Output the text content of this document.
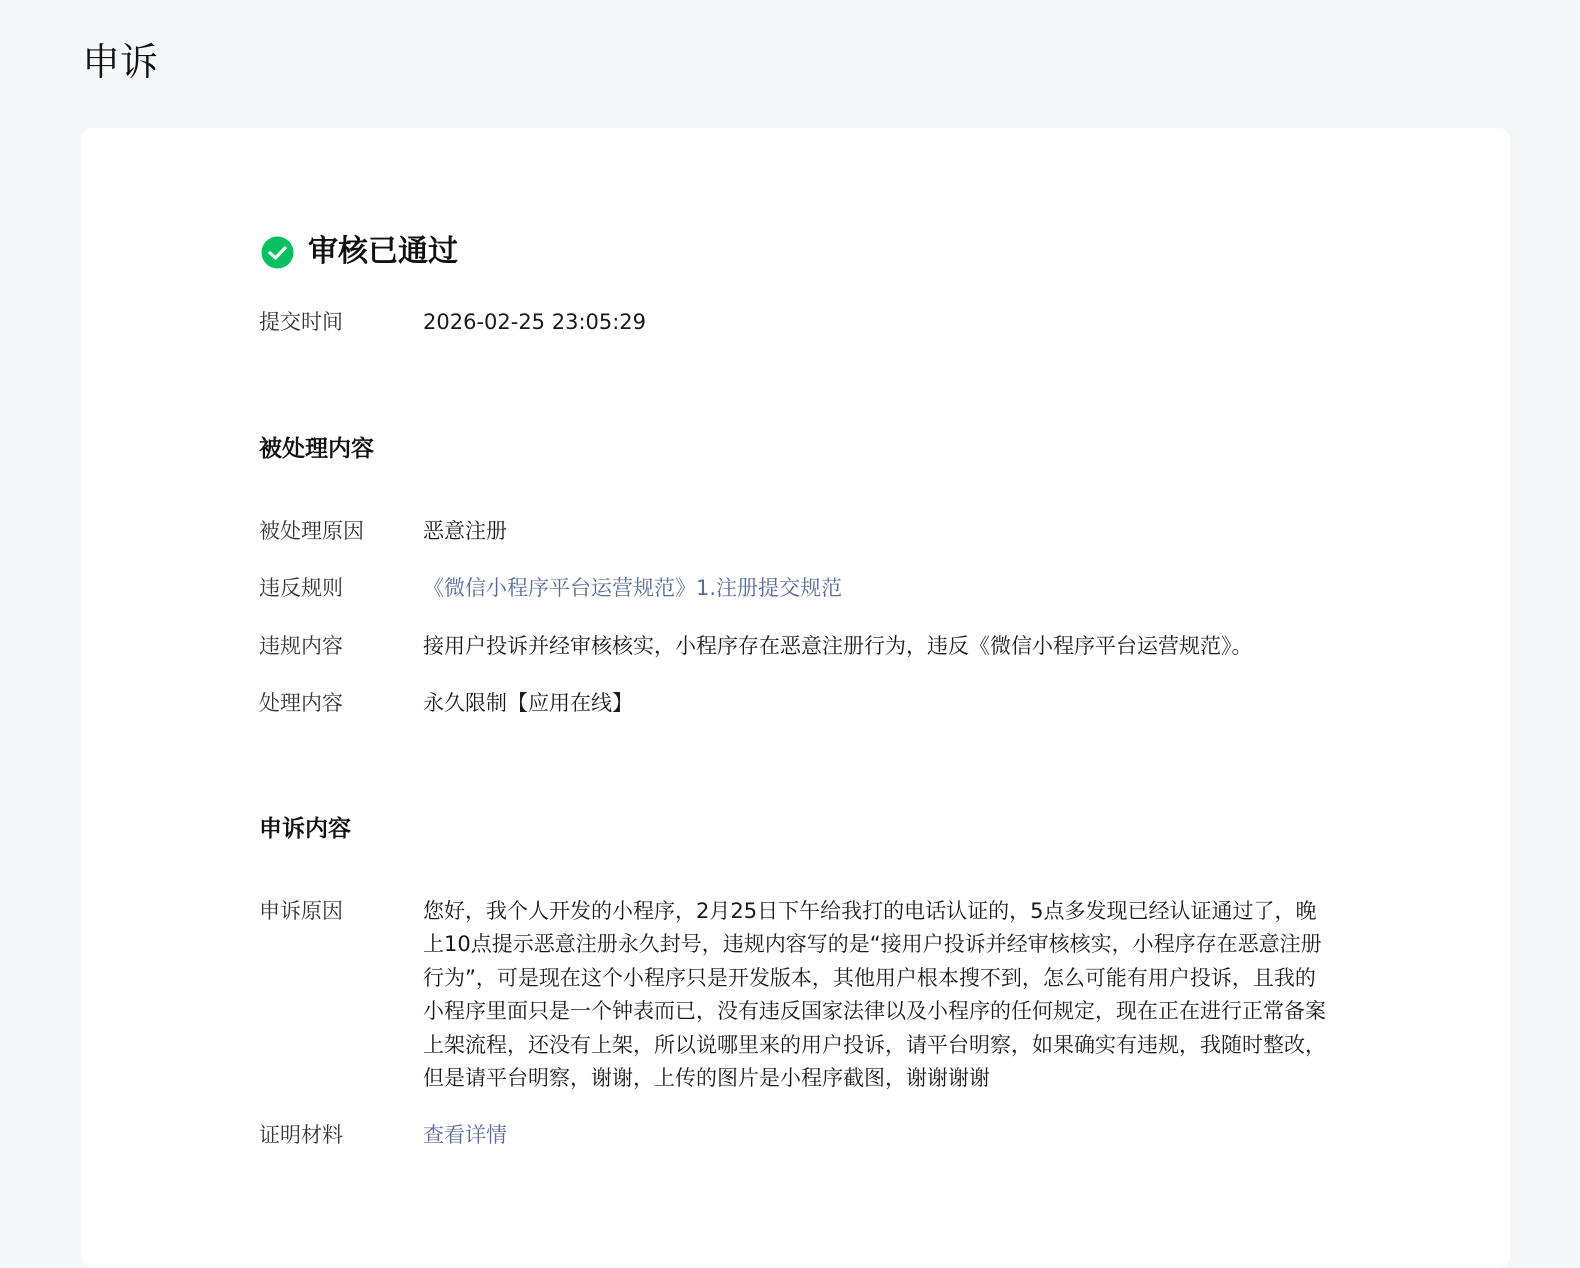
申诉
审核已通过
提交时间	2026-02-25 23:05:29
被处理内容
被处理原因	恶意注册
违反规则	《微信小程序平台运营规范》1.注册提交规范
违规内容	接用户投诉并经审核核实，小程序存在恶意注册行为，违反《微信小程序平台运营规范》。
处理内容	永久限制【应用在线】
申诉内容
申诉原因	您好，我个人开发的小程序，2月25日下午给我打的电话认证的，5点多发现已经认证通过了，晚上10点提示恶意注册永久封号，违规内容写的是“接用户投诉并经审核核实，小程序存在恶意注册行为”，可是现在这个小程序只是开发版本，其他用户根本搜不到，怎么可能有用户投诉，且我的小程序里面只是一个钟表而已，没有违反国家法律以及小程序的任何规定，现在正在进行正常备案上架流程，还没有上架，所以说哪里来的用户投诉，请平台明察，如果确实有违规，我随时整改，但是请平台明察，谢谢，上传的图片是小程序截图，谢谢谢谢
证明材料	查看详情
